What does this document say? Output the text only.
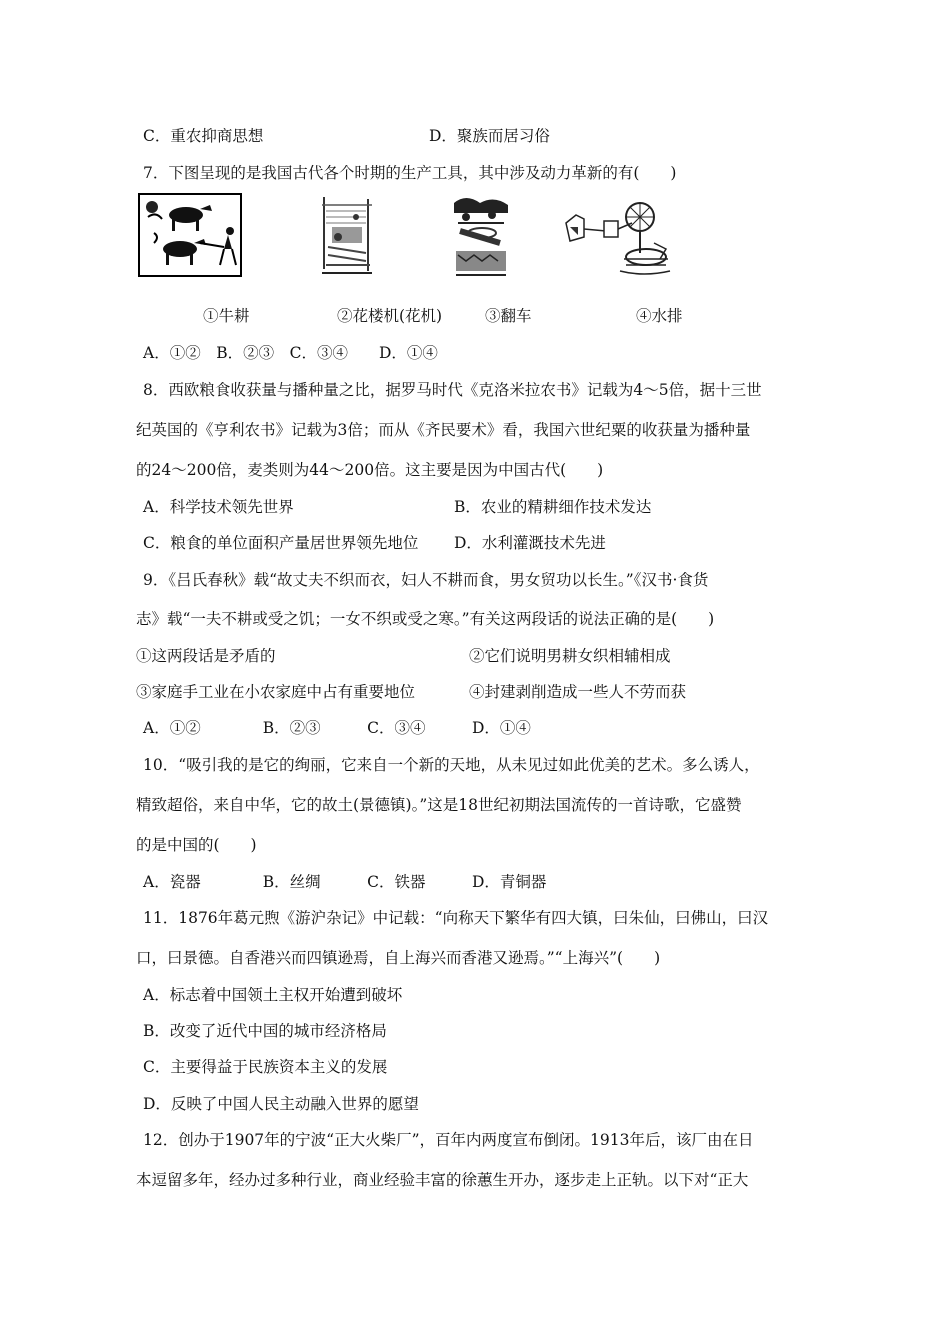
C．重农抑商思想	D．聚族而居习俗
7．下图呈现的是我国古代各个时期的生产工具，其中涉及动力革新的有(　　)
①牛耕	②花楼机(花机)	③翻车	④水排
A．①②　B．②③　C．③④　　D．①④
8．西欧粮食收获量与播种量之比，据罗马时代《克洛米拉农书》记载为4～5倍，据十三世
纪英国的《亨利农书》记载为3倍；而从《齐民要术》看，我国六世纪粟的收获量为播种量
的24～200倍，麦类则为44～200倍。这主要是因为中国古代(　　)
A．科学技术领先世界	B．农业的精耕细作技术发达
C．粮食的单位面积产量居世界领先地位 D．水利灌溉技术先进
9．《吕氏春秋》载“故丈夫不织而衣，妇人不耕而食，男女贸功以长生。”《汉书·食货
志》载“一夫不耕或受之饥；一女不织或受之寒。”有关这两段话的说法正确的是(　　)
①这两段话是矛盾的	②它们说明男耕女织相辅相成
③家庭手工业在小农家庭中占有重要地位	④封建剥削造成一些人不劳而获
A．①②　　　　B．②③　　　C．③④　　　D．①④
10．“吸引我的是它的绚丽，它来自一个新的天地，从未见过如此优美的艺术。多么诱人，
精致超俗，来自中华，它的故土(景德镇)。”这是18世纪初期法国流传的一首诗歌，它盛赞
的是中国的(　　)
A．瓷器　　　　B．丝绸　　　C．铁器　　　D．青铜器
11．1876年葛元煦《游沪杂记》中记载：“向称天下繁华有四大镇，曰朱仙，曰佛山，曰汉
口，曰景德。自香港兴而四镇逊焉，自上海兴而香港又逊焉。”“上海兴”(　　)
A．标志着中国领土主权开始遭到破坏
B．改变了近代中国的城市经济格局
C．主要得益于民族资本主义的发展
D．反映了中国人民主动融入世界的愿望
12．创办于1907年的宁波“正大火柴厂”，百年内两度宣布倒闭。1913年后，该厂由在日
本逗留多年，经办过多种行业，商业经验丰富的徐蕙生开办，逐步走上正轨。以下对“正大
